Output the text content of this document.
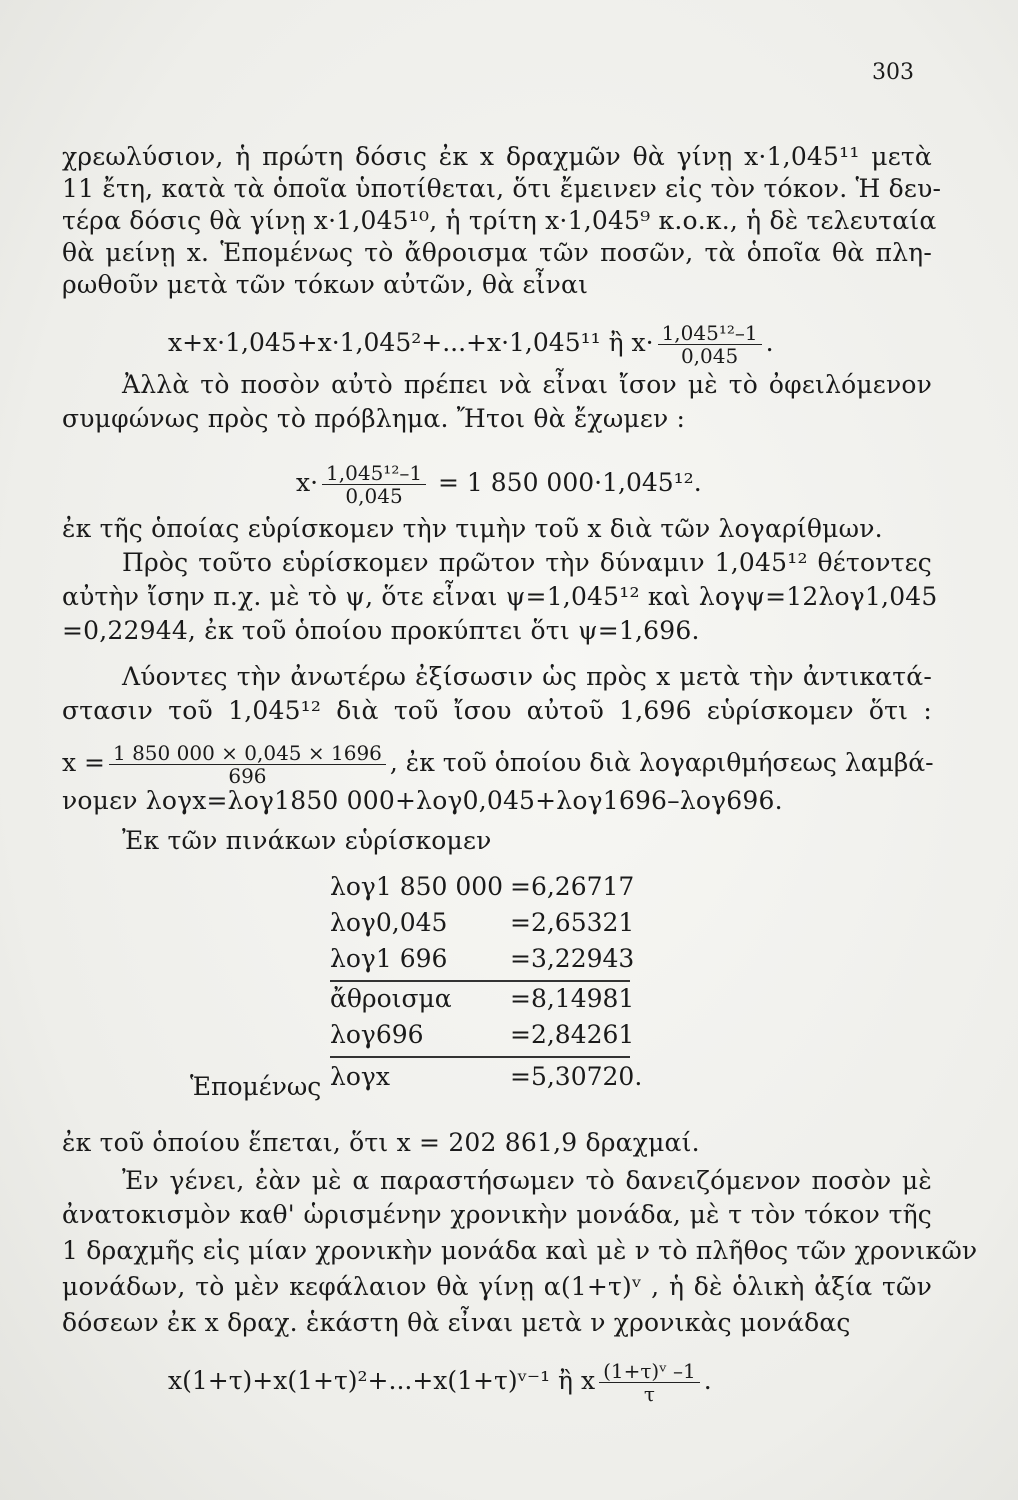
303
χρεωλύσιον, ἡ πρώτη δόσις ἐκ x δραχμῶν θὰ γίνῃ x·1,045¹¹ μετὰ
11 ἔτη, κατὰ τὰ ὁποῖα ὑποτίθεται, ὅτι ἔμεινεν εἰς τὸν τόκον. Ἡ δευ-
τέρα δόσις θὰ γίνῃ x·1,045¹⁰, ἡ τρίτη x·1,045⁹ κ.ο.κ., ἡ δὲ τελευταία
θὰ μείνῃ x. Ἑπομένως τὸ ἄθροισμα τῶν ποσῶν, τὰ ὁποῖα θὰ πλη-
ρωθοῦν μετὰ τῶν τόκων αὐτῶν, θὰ εἶναι
x+x·1,045+x·1,045²+...+x·1,045¹¹ ἢ $x\cdot \frac{\text{1,045¹²–1}}{0,045}$ .
Ἀλλὰ τὸ ποσὸν αὐτὸ πρέπει νὰ εἶναι ἴσον μὲ τὸ ὀφειλόμενον
συμφώνως πρὸς τὸ πρόβλημα. Ἤτοι θὰ ἔχωμεν :
$x\cdot \frac{\text{1,045¹²–1}}{0,045} = 1$ 850 000·1,045¹².
ἐκ τῆς ὁποίας εὑρίσκομεν τὴν τιμὴν τοῦ x διὰ τῶν λογαρίθμων.
Πρὸς τοῦτο εὑρίσκομεν πρῶτον τὴν δύναμιν 1,045¹² θέτοντες
αὐτὴν ἴσην π.χ. μὲ τὸ ψ, ὅτε εἶναι ψ=1,045¹² καὶ λογψ=12λογ1,045
=0,22944, ἐκ τοῦ ὁποίου προκύπτει ὅτι ψ=1,696.
Λύοντες τὴν ἀνωτέρω ἐξίσωσιν ὡς πρὸς x μετὰ τὴν ἀντικατά-
στασιν τοῦ 1,045¹² διὰ τοῦ ἴσου αὐτοῦ 1,696 εὑρίσκομεν ὅτι :
$x = \frac{1 850 000 \times 0,045 \times 1696}{696}$ , ἐκ τοῦ ὁποίου διὰ λογαριθμήσεως λαμβά-
νομεν λογx=λογ1850 000+λογ0,045+λογ1696–λογ696.
Ἐκ τῶν πινάκων εὑρίσκομεν
λογ1 850 000 =6,26717
λογ0,045	=2,65321
λογ1 696	=3,22943
ἄθροισμα =8,14981
λογ696	=2,84261
Ἑπομένως λογx	=5,30720.
ἐκ τοῦ ὁποίου ἕπεται, ὅτι x = 202 861,9 δραχμαί.
Ἐν γένει, ἐὰν μὲ α παραστήσωμεν τὸ δανειζόμενον ποσὸν μὲ
ἀνατοκισμὸν καθ' ὡρισμένην χρονικὴν μονάδα, μὲ τ τὸν τόκον τῆς
1 δραχμῆς εἰς μίαν χρονικὴν μονάδα καὶ μὲ ν τὸ πλῆθος τῶν χρονικῶν
μονάδων, τὸ μὲν κεφάλαιον θὰ γίνῃ α(1+τ)ᵛ , ἡ δὲ ὁλικὴ ἀξία τῶν
δόσεων ἐκ x δραχ. ἑκάστη θὰ εἶναι μετὰ ν χρονικὰς μονάδας
x(1+τ)+x(1+τ)²+...+x(1+τ)ᵛ⁻¹ ἢ x $\frac{\text{(1+τ)ᵛ –1}}{\tau}$ .
